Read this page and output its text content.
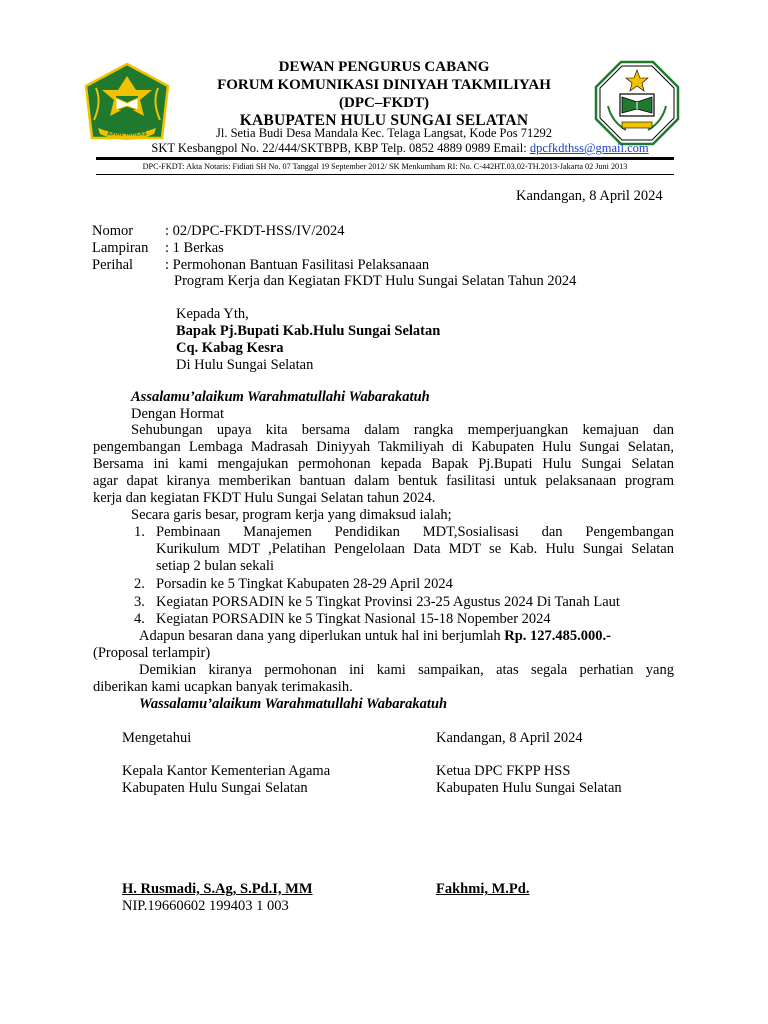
AMAL IKHLAS
DEWAN PENGURUS CABANG
FORUM KOMUNIKASI DINIYAH TAKMILIYAH
(DPC–FKDT)
KABUPATEN HULU SUNGAI SELATAN
Jl. Setia Budi Desa Mandala Kec. Telaga Langsat, Kode Pos 71292
SKT Kesbangpol No. 22/444/SKTBPB, KBP Telp. 0852 4889 0989 Email: dpcfkdthss@gmail.com
DPC-FKDT: Akta Notaris: Fidiati SH No. 07 Tanggal 19 September 2012/ SK Menkumham RI: No. C-442HT.03.02-TH.2013-Jakarta 02 Juni 2013
Kandangan, 8 April 2024
Nomor : 02/DPC-FKDT-HSS/IV/2024
Lampiran : 1 Berkas
Perihal : Permohonan Bantuan Fasilitasi Pelaksanaan
Program Kerja dan Kegiatan FKDT Hulu Sungai Selatan Tahun 2024
Kepada Yth,
Bapak Pj.Bupati Kab.Hulu Sungai Selatan
Cq. Kabag Kesra
Di Hulu Sungai Selatan
Assalamu’alaikum Warahmatullahi Wabarakatuh
Dengan Hormat
Sehubungan upaya kita bersama dalam rangka memperjuangkan kemajuan dan
pengembangan Lembaga Madrasah Diniyyah Takmiliyah di Kabupaten Hulu Sungai Selatan,
Bersama ini kami mengajukan permohonan kepada Bapak Pj.Bupati Hulu Sungai Selatan
agar dapat kiranya memberikan bantuan dalam bentuk fasilitasi untuk pelaksanaan program
kerja dan kegiatan FKDT Hulu Sungai Selatan tahun 2024.
Secara garis besar, program kerja yang dimaksud ialah;
1. Pembinaan Manajemen Pendidikan MDT,Sosialisasi dan Pengembangan
Kurikulum MDT ,Pelatihan Pengelolaan Data MDT se Kab. Hulu Sungai Selatan
setiap 2 bulan sekali
2. Porsadin ke 5 Tingkat Kabupaten 28-29 April 2024
3. Kegiatan PORSADIN ke 5 Tingkat Provinsi 23-25 Agustus 2024 Di Tanah Laut
4. Kegiatan PORSADIN ke 5 Tingkat Nasional 15-18 Nopember 2024
Adapun besaran dana yang diperlukan untuk hal ini berjumlah Rp. 127.485.000.-
(Proposal terlampir)
Demikian kiranya permohonan ini kami sampaikan, atas segala perhatian yang
diberikan kami ucapkan banyak terimakasih.
Wassalamu’alaikum Warahmatullahi Wabarakatuh
Mengetahui	Kandangan, 8 April 2024
Kepala Kantor Kementerian Agama
Kabupaten Hulu Sungai Selatan
Ketua DPC FKPP HSS
Kabupaten Hulu Sungai Selatan
H. Rusmadi, S.Ag, S.Pd.I, MM
NIP.19660602 199403 1 003
Fakhmi, M.Pd.
